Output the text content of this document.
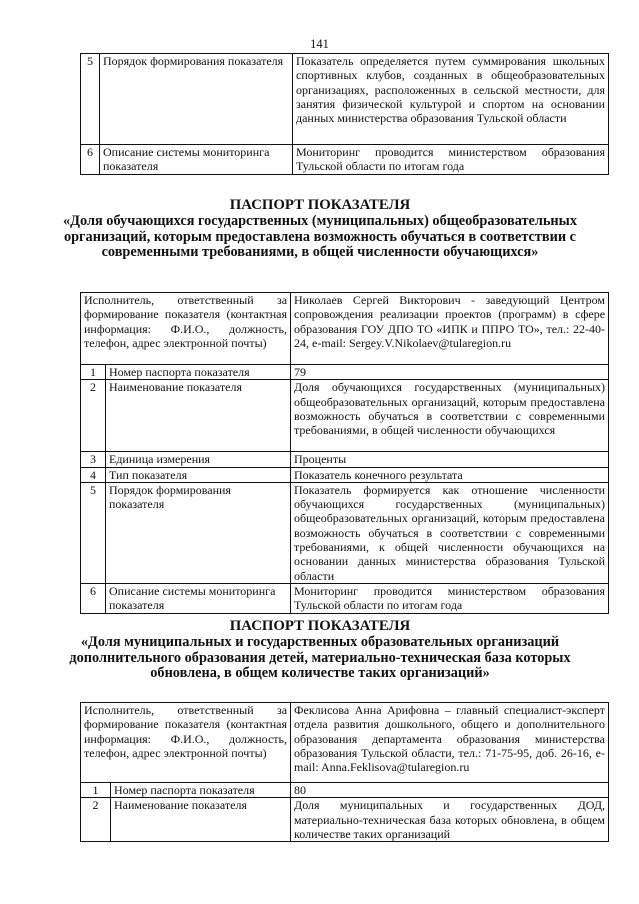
141
5	Порядок формирования показателя	Показатель определяется путем суммирования школьных спортивных клубов, созданных в общеобразовательных организациях, расположенных в сельской местности, для занятия физической культурой и спортом на основании данных министерства образования Тульской области
6	Описание системы мониторинга показателя	Мониторинг проводится министерством образования Тульской области по итогам года
ПАСПОРТ ПОКАЗАТЕЛЯ
«Доля обучающихся государственных (муниципальных) общеобразовательных организаций, которым предоставлена возможность обучаться в соответствии с современными требованиями, в общей численности обучающихся»
Исполнитель, ответственный за формирование показателя (контактная информация: Ф.И.О., должность, телефон, адрес электронной почты)		Николаев Сергей Викторович - заведующий Центром сопровождения реализации проектов (программ) в сфере образования ГОУ ДПО ТО «ИПК и ППРО ТО», тел.: 22-40-24, e-mail: Sergey.V.Nikolaev@tularegion.ru
1	Номер паспорта показателя	79
2	Наименование показателя	Доля обучающихся государственных (муниципальных) общеобразовательных организаций, которым предоставлена возможность обучаться в соответствии с современными требованиями, в общей численности обучающихся
3	Единица измерения	Проценты
4	Тип показателя	Показатель конечного результата
5	Порядок формирования показателя	Показатель формируется как отношение численности обучающихся государственных (муниципальных) общеобразовательных организаций, которым предоставлена возможность обучаться в соответствии с современными требованиями, к общей численности обучающихся на основании данных министерства образования Тульской области
6	Описание системы мониторинга показателя	Мониторинг проводится министерством образования Тульской области по итогам года
ПАСПОРТ ПОКАЗАТЕЛЯ
«Доля муниципальных и государственных образовательных организаций дополнительного образования детей, материально-техническая база которых обновлена, в общем количестве таких организаций»
Исполнитель, ответственный за формирование показателя (контактная информация: Ф.И.О., должность, телефон, адрес электронной почты)		Феклисова Анна Арифовна – главный специалист-эксперт отдела развития дошкольного, общего и дополнительного образования департамента образования министерства образования Тульской области, тел.: 71-75-95, доб. 26-16, e-mail: Anna.Feklisova@tularegion.ru
1	Номер паспорта показателя	80
2	Наименование показателя	Доля муниципальных и государственных ДОД, материально-техническая база которых обновлена, в общем количестве таких организаций
